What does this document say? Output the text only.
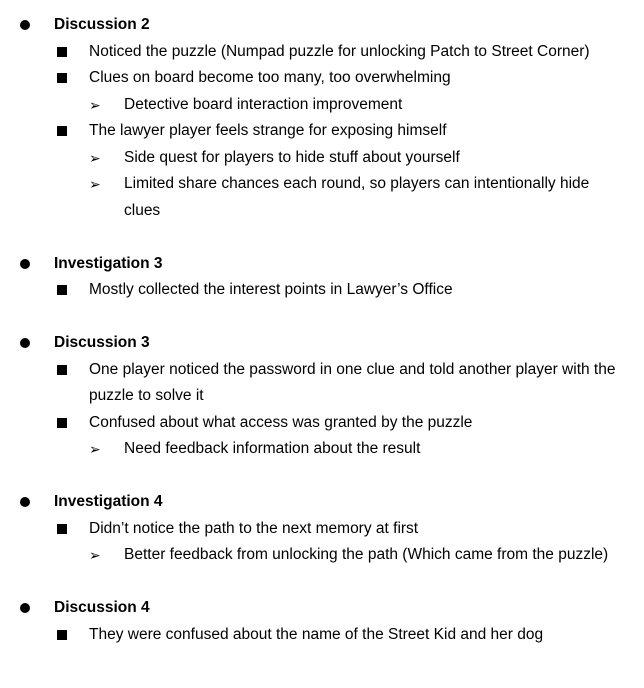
Discussion 2
Noticed the puzzle (Numpad puzzle for unlocking Patch to Street Corner)
Clues on board become too many, too overwhelming
➢ Detective board interaction improvement
The lawyer player feels strange for exposing himself
➢ Side quest for players to hide stuff about yourself
➢ Limited share chances each round, so players can intentionally hide clues
Investigation 3
Mostly collected the interest points in Lawyer’s Office
Discussion 3
One player noticed the password in one clue and told another player with the puzzle to solve it
Confused about what access was granted by the puzzle
➢ Need feedback information about the result
Investigation 4
Didn’t notice the path to the next memory at first
➢ Better feedback from unlocking the path (Which came from the puzzle)
Discussion 4
They were confused about the name of the Street Kid and her dog
